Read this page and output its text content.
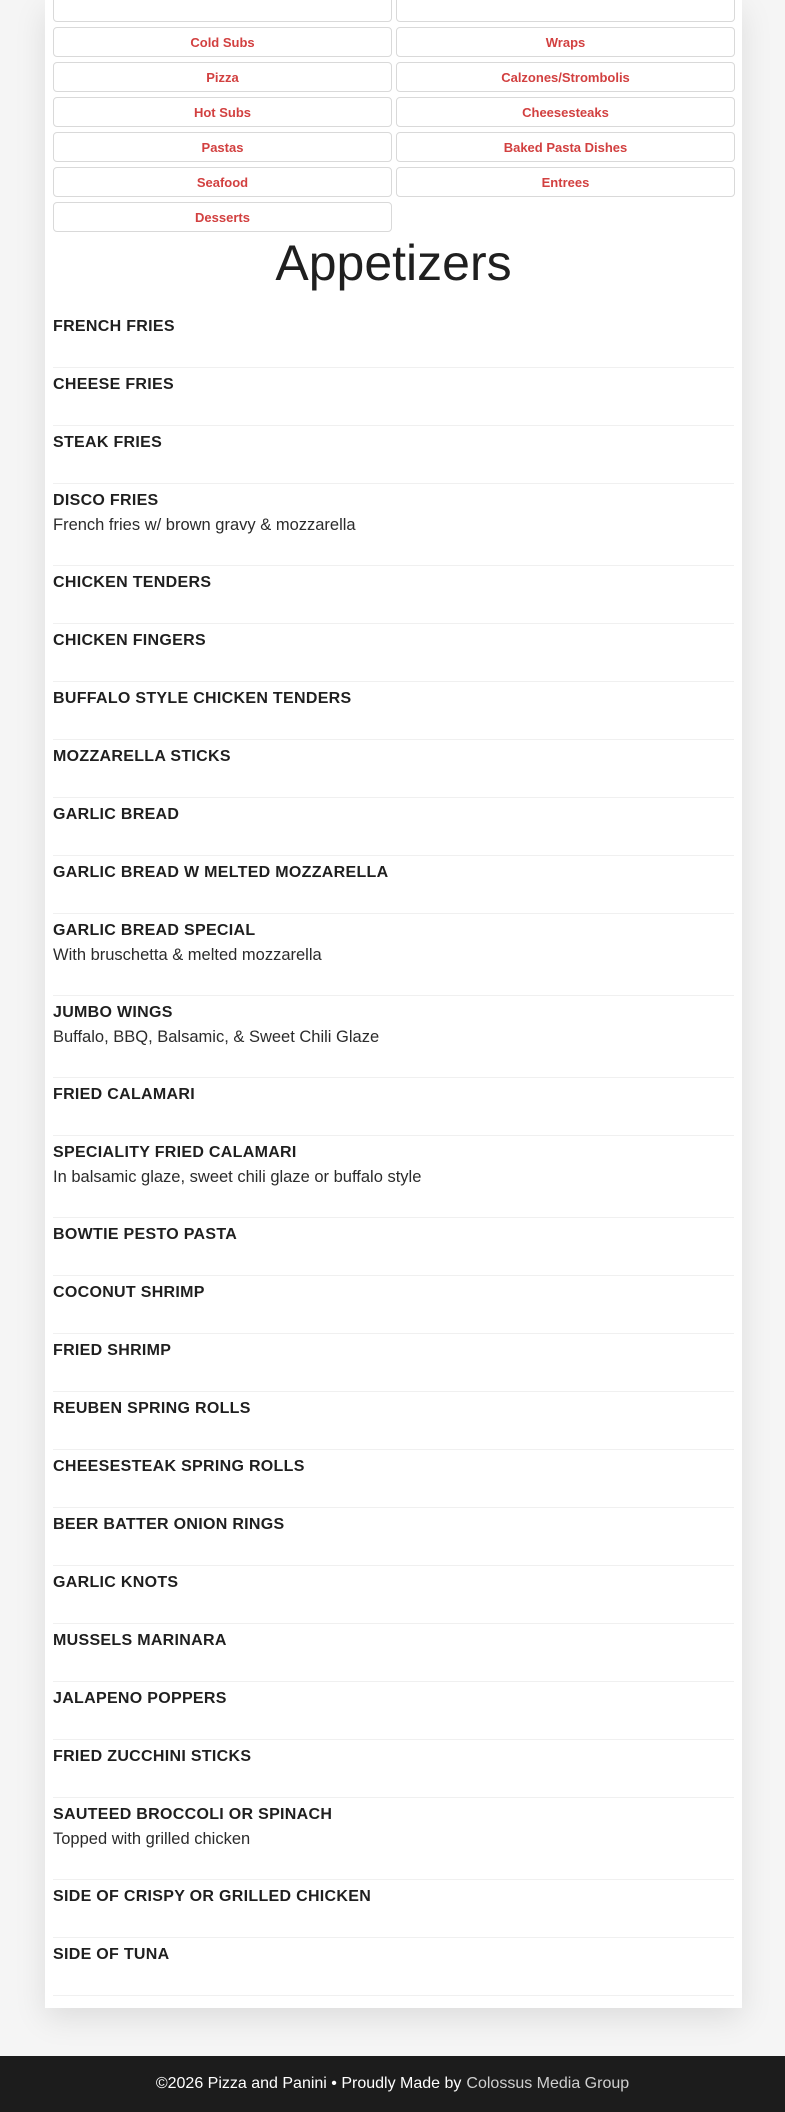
Cold Subs	Wraps
Pizza	Calzones/Strombolis
Hot Subs	Cheesesteaks
Pastas	Baked Pasta Dishes
Seafood	Entrees
Desserts
Appetizers
FRENCH FRIES
CHEESE FRIES
STEAK FRIES
DISCO FRIES
French fries w/ brown gravy & mozzarella
CHICKEN TENDERS
CHICKEN FINGERS
BUFFALO STYLE CHICKEN TENDERS
MOZZARELLA STICKS
GARLIC BREAD
GARLIC BREAD W MELTED MOZZARELLA
GARLIC BREAD SPECIAL
With bruschetta & melted mozzarella
JUMBO WINGS
Buffalo, BBQ, Balsamic, & Sweet Chili Glaze
FRIED CALAMARI
SPECIALITY FRIED CALAMARI
In balsamic glaze, sweet chili glaze or buffalo style
BOWTIE PESTO PASTA
COCONUT SHRIMP
FRIED SHRIMP
REUBEN SPRING ROLLS
CHEESESTEAK SPRING ROLLS
BEER BATTER ONION RINGS
GARLIC KNOTS
MUSSELS MARINARA
JALAPENO POPPERS
FRIED ZUCCHINI STICKS
SAUTEED BROCCOLI OR SPINACH
Topped with grilled chicken
SIDE OF CRISPY OR GRILLED CHICKEN
SIDE OF TUNA
©2026 Pizza and Panini • Proudly Made by Colossus Media Group
